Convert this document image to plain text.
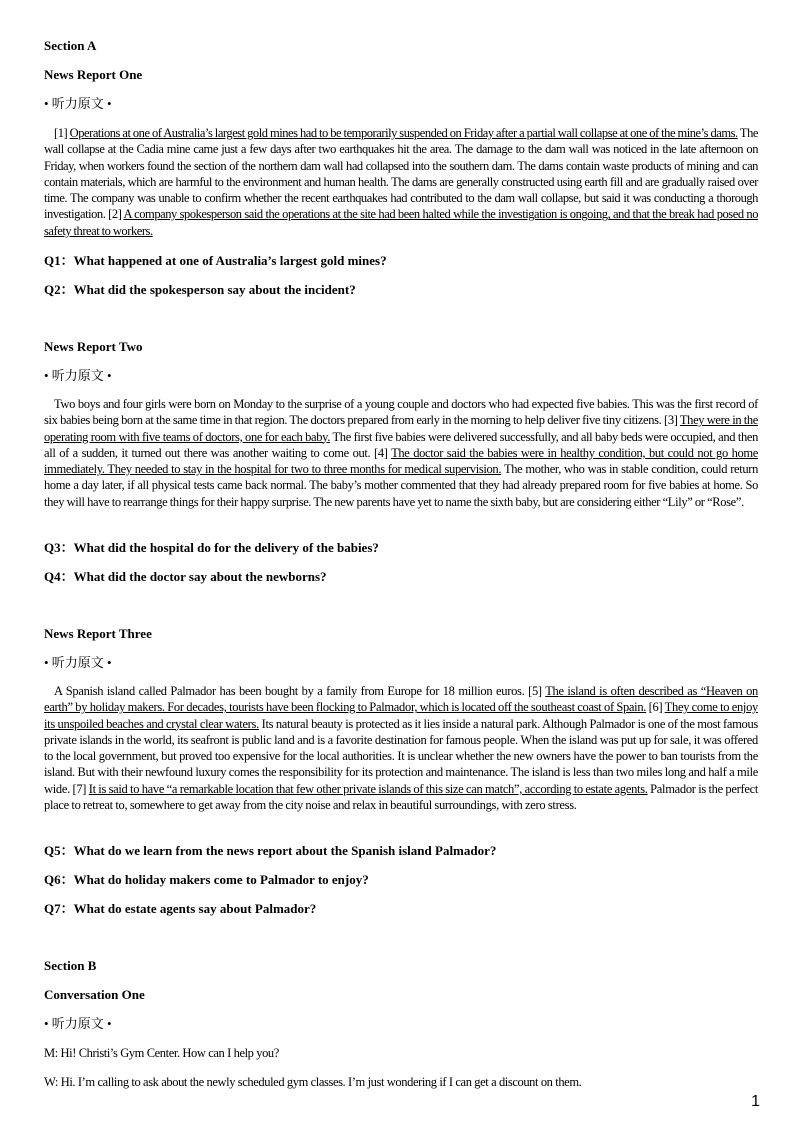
Section A
News Report One
• 听力原文 •
[1] Operations at one of Australia’s largest gold mines had to be temporarily suspended on Friday after a partial wall collapse at one of the mine’s dams. The wall collapse at the Cadia mine came just a few days after two earthquakes hit the area. The damage to the dam wall was noticed in the late afternoon on Friday, when workers found the section of the northern dam wall had collapsed into the southern dam. The dams contain waste products of mining and can contain materials, which are harmful to the environment and human health. The dams are generally constructed using earth fill and are gradually raised over time. The company was unable to confirm whether the recent earthquakes had contributed to the dam wall collapse, but said it was conducting a thorough investigation. [2] A company spokesperson said the operations at the site had been halted while the investigation is ongoing, and that the break had posed no safety threat to workers.
Q1：What happened at one of Australia’s largest gold mines?
Q2：What did the spokesperson say about the incident?
News Report Two
• 听力原文 •
Two boys and four girls were born on Monday to the surprise of a young couple and doctors who had expected five babies. This was the first record of six babies being born at the same time in that region. The doctors prepared from early in the morning to help deliver five tiny citizens. [3] They were in the operating room with five teams of doctors, one for each baby. The first five babies were delivered successfully, and all baby beds were occupied, and then all of a sudden, it turned out there was another waiting to come out. [4] The doctor said the babies were in healthy condition, but could not go home immediately. They needed to stay in the hospital for two to three months for medical supervision. The mother, who was in stable condition, could return home a day later, if all physical tests came back normal. The baby’s mother commented that they had already prepared room for five babies at home. So they will have to rearrange things for their happy surprise. The new parents have yet to name the sixth baby, but are considering either “Lily” or “Rose”.
Q3：What did the hospital do for the delivery of the babies?
Q4：What did the doctor say about the newborns?
News Report Three
• 听力原文 •
A Spanish island called Palmador has been bought by a family from Europe for 18 million euros. [5] The island is often described as “Heaven on earth” by holiday makers. For decades, tourists have been flocking to Palmador, which is located off the southeast coast of Spain. [6] They come to enjoy its unspoiled beaches and crystal clear waters. Its natural beauty is protected as it lies inside a natural park. Although Palmador is one of the most famous private islands in the world, its seafront is public land and is a favorite destination for famous people. When the island was put up for sale, it was offered to the local government, but proved too expensive for the local authorities. It is unclear whether the new owners have the power to ban tourists from the island. But with their newfound luxury comes the responsibility for its protection and maintenance. The island is less than two miles long and half a mile wide. [7] It is said to have “a remarkable location that few other private islands of this size can match”, according to estate agents. Palmador is the perfect place to retreat to, somewhere to get away from the city noise and relax in beautiful surroundings, with zero stress.
Q5：What do we learn from the news report about the Spanish island Palmador?
Q6：What do holiday makers come to Palmador to enjoy?
Q7：What do estate agents say about Palmador?
Section B
Conversation One
• 听力原文 •
M: Hi! Christi’s Gym Center. How can I help you?
W: Hi. I’m calling to ask about the newly scheduled gym classes. I’m just wondering if I can get a discount on them.
1
